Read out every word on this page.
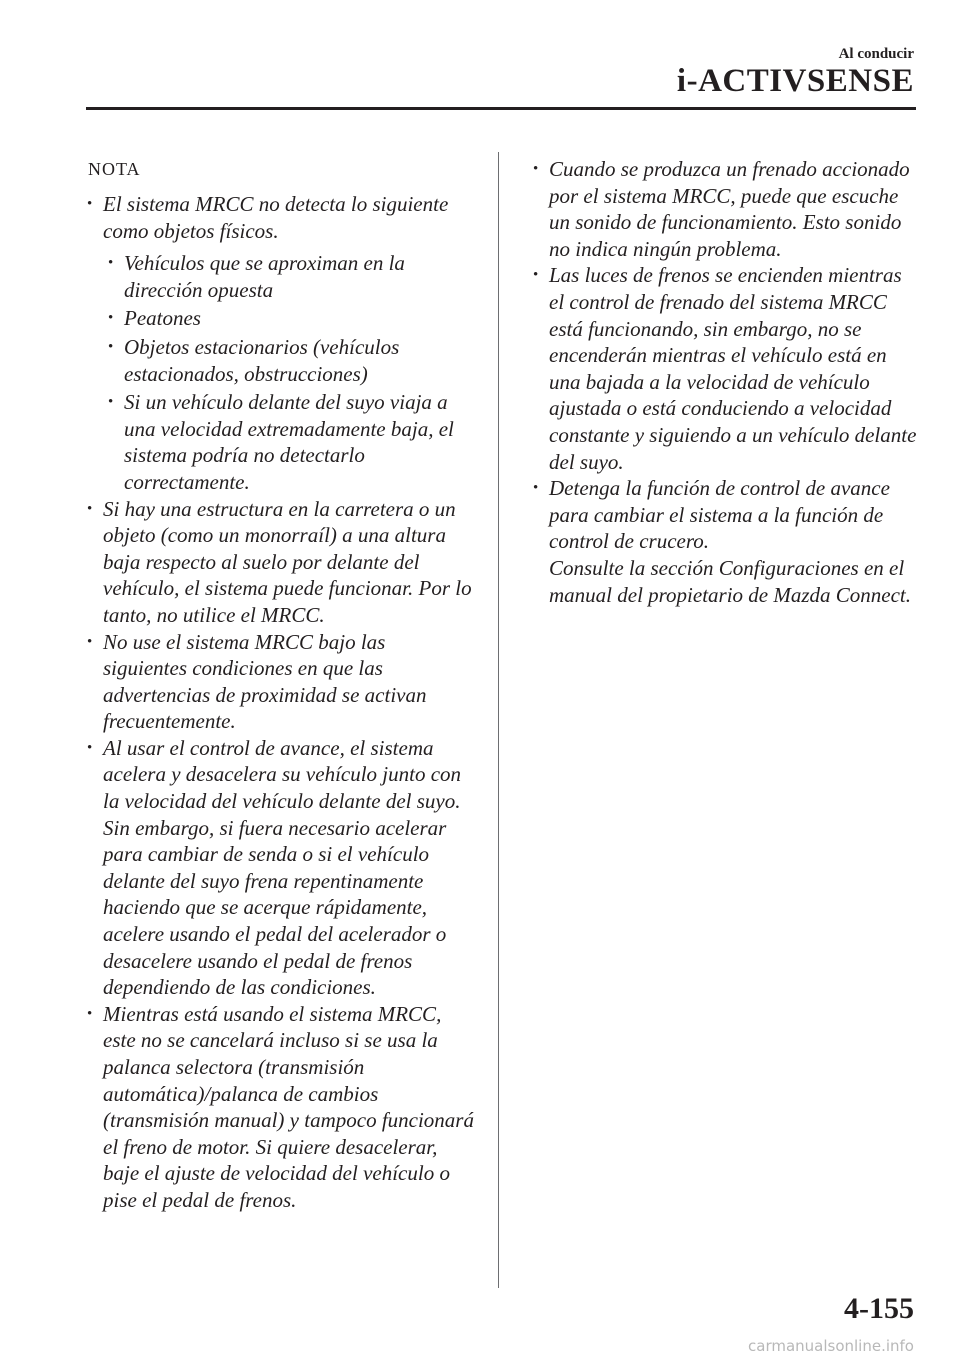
Al conducir
i-ACTIVSENSE
NOTA
• El sistema MRCC no detecta lo siguiente como objetos físicos.
• Vehículos que se aproximan en la dirección opuesta
• Peatones
• Objetos estacionarios (vehículos estacionados, obstrucciones)
• Si un vehículo delante del suyo viaja a una velocidad extremadamente baja, el sistema podría no detectarlo correctamente.
• Si hay una estructura en la carretera o un objeto (como un monorraíl) a una altura baja respecto al suelo por delante del vehículo, el sistema puede funcionar. Por lo tanto, no utilice el MRCC.
• No use el sistema MRCC bajo las siguientes condiciones en que las advertencias de proximidad se activan frecuentemente.
• Al usar el control de avance, el sistema acelera y desacelera su vehículo junto con la velocidad del vehículo delante del suyo. Sin embargo, si fuera necesario acelerar para cambiar de senda o si el vehículo delante del suyo frena repentinamente haciendo que se acerque rápidamente, acelere usando el pedal del acelerador o desacelere usando el pedal de frenos dependiendo de las condiciones.
• Mientras está usando el sistema MRCC, este no se cancelará incluso si se usa la palanca selectora (transmisión automática)/palanca de cambios (transmisión manual) y tampoco funcionará el freno de motor. Si quiere desacelerar, baje el ajuste de velocidad del vehículo o pise el pedal de frenos.
• Cuando se produzca un frenado accionado por el sistema MRCC, puede que escuche un sonido de funcionamiento. Esto sonido no indica ningún problema.
• Las luces de frenos se encienden mientras el control de frenado del sistema MRCC está funcionando, sin embargo, no se encenderán mientras el vehículo está en una bajada a la velocidad de vehículo ajustada o está conduciendo a velocidad constante y siguiendo a un vehículo delante del suyo.
• Detenga la función de control de avance para cambiar el sistema a la función de control de crucero.
Consulte la sección Configuraciones en el manual del propietario de Mazda Connect.
4-155
carmanualsonline.info
